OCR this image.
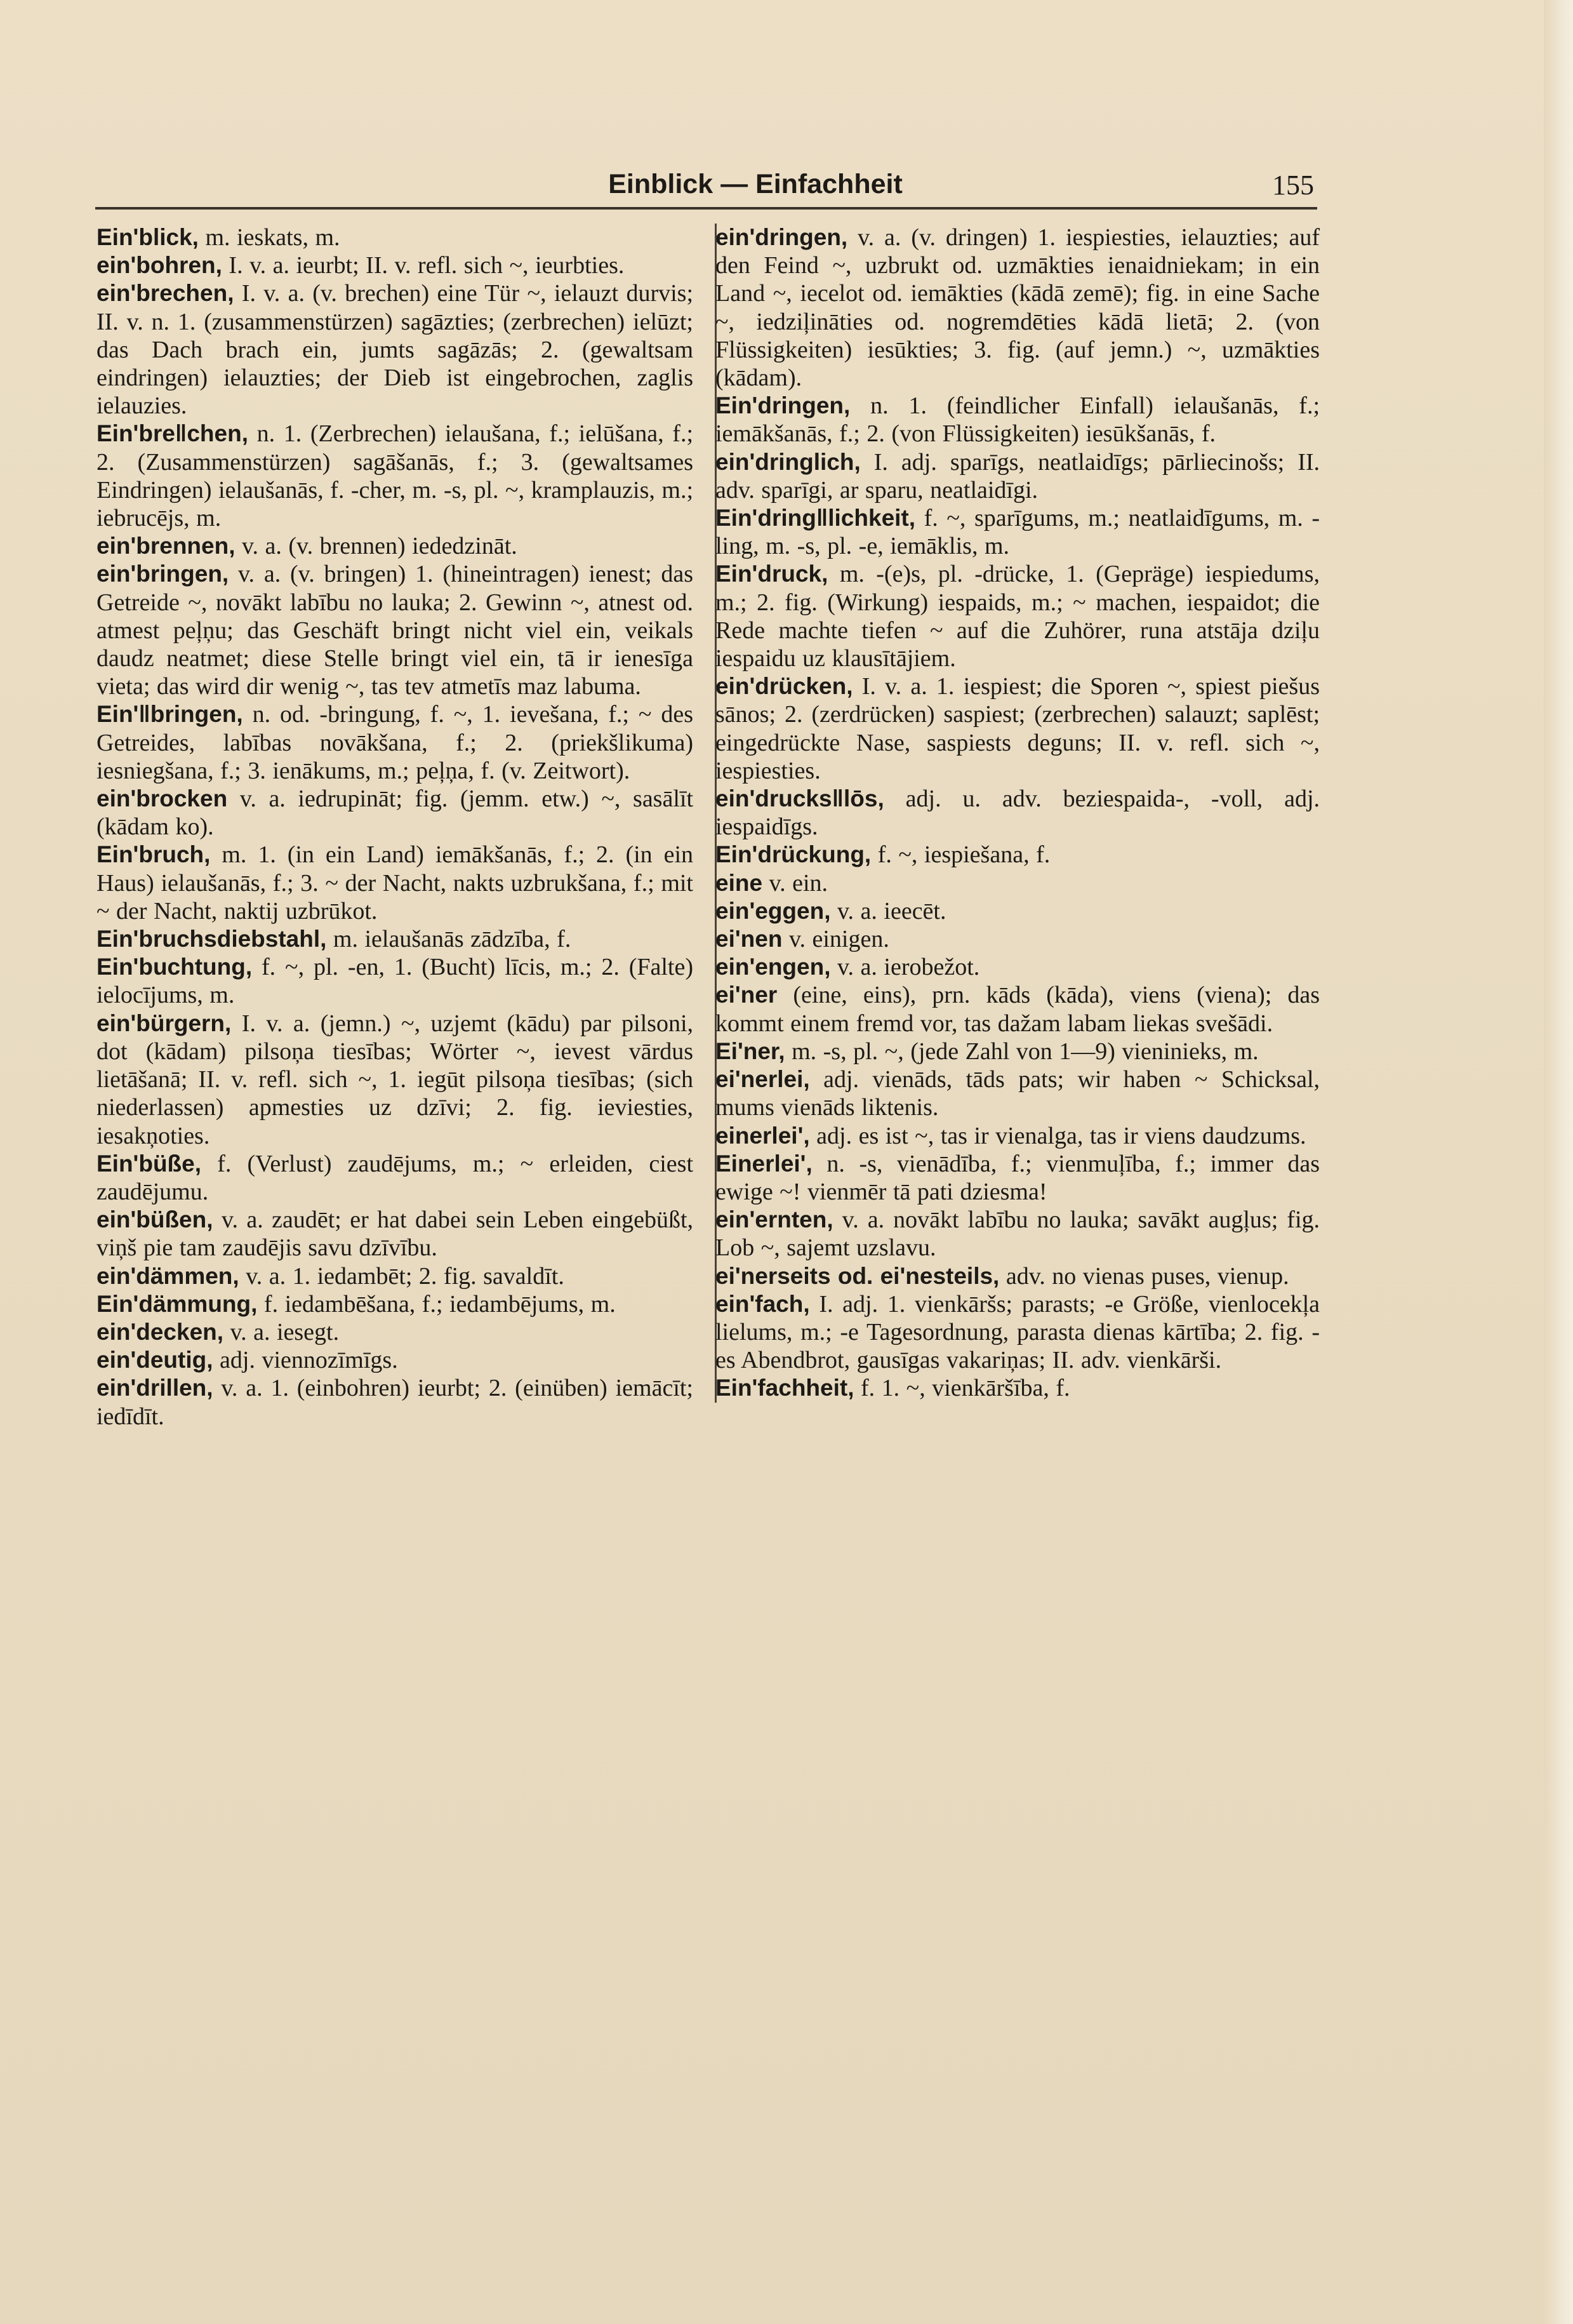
Einblick — Einfachheit	155
Ein'blick, m. ieskats, m.
ein'bohren, I. v. a. ieurbt; II. v. refl. sich ~, ieurbties.
ein'brechen, I. v. a. (v. brechen) eine Tür ~, ielauzt durvis; II. v. n. 1. (zusammenstürzen) sagāzties; (zerbrechen) ielūzt; das Dach brach ein, jumts sagāzās; 2. (gewaltsam eindringen) ielauzties; der Dieb ist eingebrochen, zaglis ielauzies.
Ein'bre‖chen, n. 1. (Zerbrechen) ielaušana, f.; ielūšana, f.; 2. (Zusammenstürzen) sagāšanās, f.; 3. (gewaltsames Eindringen) ielaušanās, f. -cher, m. -s, pl. ~, kramplauzis, m.; iebrucējs, m.
ein'brennen, v. a. (v. brennen) iededzināt.
ein'bringen, v. a. (v. bringen) 1. (hineintragen) ienest; das Getreide ~, novākt labību no lauka; 2. Gewinn ~, atnest od. atmest peļņu; das Geschäft bringt nicht viel ein, veikals daudz neatmet; diese Stelle bringt viel ein, tā ir ienesīga vieta; das wird dir wenig ~, tas tev atmetīs maz labuma.
Ein'‖bringen, n. od. -bringung, f. ~, 1. ievešana, f.; ~ des Getreides, labības novākšana, f.; 2. (priekšlikuma) iesniegšana, f.; 3. ienākums, m.; peļņa, f. (v. Zeitwort).
ein'brocken v. a. iedrupināt; fig. (jemm. etw.) ~, sasālīt (kādam ko).
Ein'bruch, m. 1. (in ein Land) iemākšanās, f.; 2. (in ein Haus) ielaušanās, f.; 3. ~ der Nacht, nakts uzbrukšana, f.; mit ~ der Nacht, naktij uzbrūkot.
Ein'bruchsdiebstahl, m. ielaušanās zādzība, f.
Ein'buchtung, f. ~, pl. -en, 1. (Bucht) līcis, m.; 2. (Falte) ielocījums, m.
ein'bürgern, I. v. a. (jemn.) ~, uzjemt (kādu) par pilsoni, dot (kādam) pilsoņa tiesības; Wörter ~, ievest vārdus lietāšanā; II. v. refl. sich ~, 1. iegūt pilsoņa tiesības; (sich niederlassen) apmesties uz dzīvi; 2. fig. ieviesties, iesakņoties.
Ein'büße, f. (Verlust) zaudējums, m.; ~ erleiden, ciest zaudējumu.
ein'büßen, v. a. zaudēt; er hat dabei sein Leben eingebüßt, viņš pie tam zaudējis savu dzīvību.
ein'dämmen, v. a. 1. iedambēt; 2. fig. savaldīt.
Ein'dämmung, f. iedambēšana, f.; iedambējums, m.
ein'decken, v. a. iesegt.
ein'deutig, adj. viennozīmīgs.
ein'drillen, v. a. 1. (einbohren) ieurbt; 2. (einüben) iemācīt; iedīdīt.
ein'dringen, v. a. (v. dringen) 1. iespiesties, ielauzties; auf den Feind ~, uzbrukt od. uzmākties ienaidniekam; in ein Land ~, iecelot od. iemākties (kādā zemē); fig. in eine Sache ~, iedziļināties od. nogremdēties kādā lietā; 2. (von Flüssigkeiten) iesūkties; 3. fig. (auf jemn.) ~, uzmākties (kādam).
Ein'dringen, n. 1. (feindlicher Einfall) ielaušanās, f.; iemākšanās, f.; 2. (von Flüssigkeiten) iesūkšanās, f.
ein'dringlich, I. adj. sparīgs, neatlaidīgs; pārliecinošs; II. adv. sparīgi, ar sparu, neatlaidīgi.
Ein'dring‖lichkeit, f. ~, sparīgums, m.; neatlaidīgums, m. -ling, m. -s, pl. -e, iemāklis, m.
Ein'druck, m. -(e)s, pl. -drücke, 1. (Gepräge) iespiedums, m.; 2. fig. (Wirkung) iespaids, m.; ~ machen, iespaidot; die Rede machte tiefen ~ auf die Zuhörer, runa atstāja dziļu iespaidu uz klausītājiem.
ein'drücken, I. v. a. 1. iespiest; die Sporen ~, spiest piešus sānos; 2. (zerdrücken) saspiest; (zerbrechen) salauzt; saplēst; eingedrückte Nase, saspiests deguns; II. v. refl. sich ~, iespiesties.
ein'drucks‖lōs, adj. u. adv. beziespaida-, -voll, adj. iespaidīgs.
Ein'drückung, f. ~, iespiešana, f.
eine v. ein.
ein'eggen, v. a. ieecēt.
ei'nen v. einigen.
ein'engen, v. a. ierobežot.
ei'ner (eine, eins), prn. kāds (kāda), viens (viena); das kommt einem fremd vor, tas dažam labam liekas svešādi.
Ei'ner, m. -s, pl. ~, (jede Zahl von 1—9) vieninieks, m.
ei'nerlei, adj. vienāds, tāds pats; wir haben ~ Schicksal, mums vienāds liktenis.
einerlei', adj. es ist ~, tas ir vienalga, tas ir viens daudzums.
Einerlei', n. -s, vienādība, f.; vienmuļība, f.; immer das ewige ~! vienmēr tā pati dziesma!
ein'ernten, v. a. novākt labību no lauka; savākt augļus; fig. Lob ~, sajemt uzslavu.
ei'nerseits od. ei'nesteils, adv. no vienas puses, vienup.
ein'fach, I. adj. 1. vienkāršs; parasts; -e Größe, vienlocekļa lielums, m.; -e Tagesordnung, parasta dienas kārtība; 2. fig. -es Abendbrot, gausīgas vakariņas; II. adv. vienkārši.
Ein'fachheit, f. 1. ~, vienkāršība, f.
